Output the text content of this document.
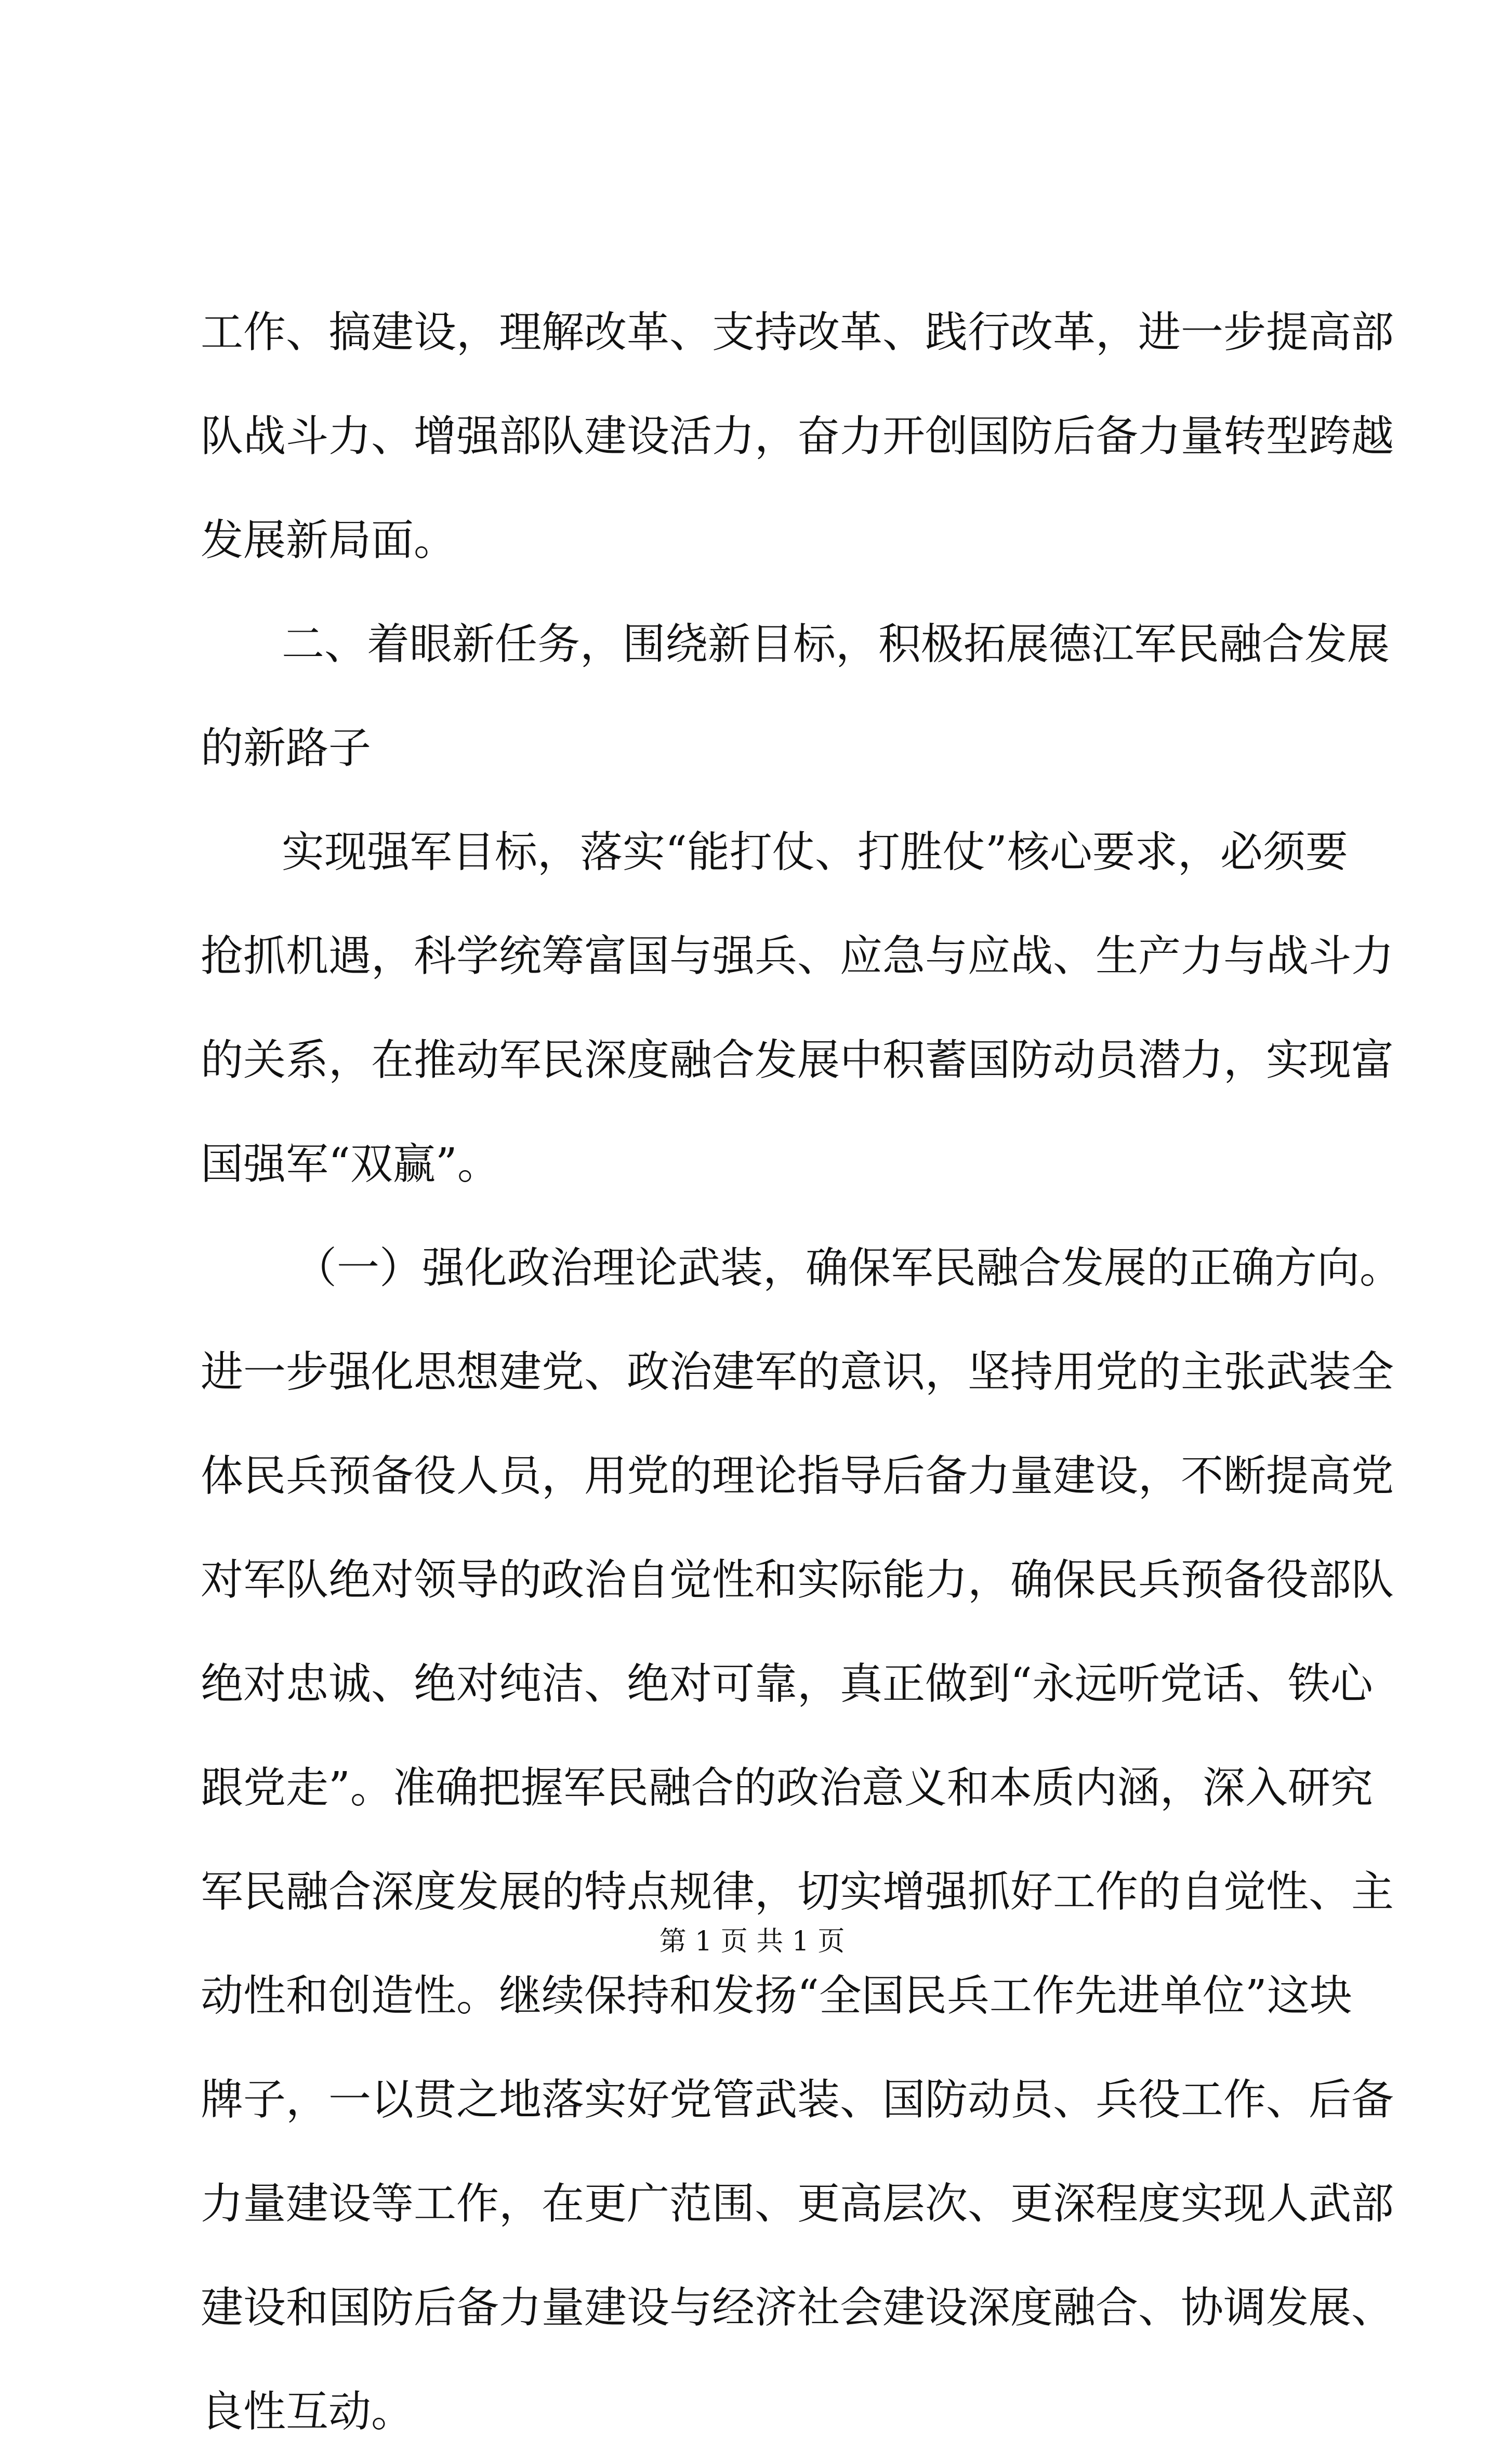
工作、搞建设，理解改革、支持改革、践行改革，进一步提高部
队战斗力、增强部队建设活力，奋力开创国防后备力量转型跨越
发展新局面。
二、着眼新任务，围绕新目标，积极拓展德江军民融合发展
的新路子
实现强军目标，落实“能打仗、打胜仗”核心要求，必须要
抢抓机遇，科学统筹富国与强兵、应急与应战、生产力与战斗力
的关系，在推动军民深度融合发展中积蓄国防动员潜力，实现富
国强军“双赢”。
（一）强化政治理论武装，确保军民融合发展的正确方向。
进一步强化思想建党、政治建军的意识，坚持用党的主张武装全
体民兵预备役人员，用党的理论指导后备力量建设，不断提高党
对军队绝对领导的政治自觉性和实际能力，确保民兵预备役部队
绝对忠诚、绝对纯洁、绝对可靠，真正做到“永远听党话、铁心
跟党走”。准确把握军民融合的政治意义和本质内涵，深入研究
军民融合深度发展的特点规律，切实增强抓好工作的自觉性、主
动性和创造性。继续保持和发扬“全国民兵工作先进单位”这块
牌子，一以贯之地落实好党管武装、国防动员、兵役工作、后备
力量建设等工作，在更广范围、更高层次、更深程度实现人武部
建设和国防后备力量建设与经济社会建设深度融合、协调发展、
良性互动。
第 1 页 共 1 页
